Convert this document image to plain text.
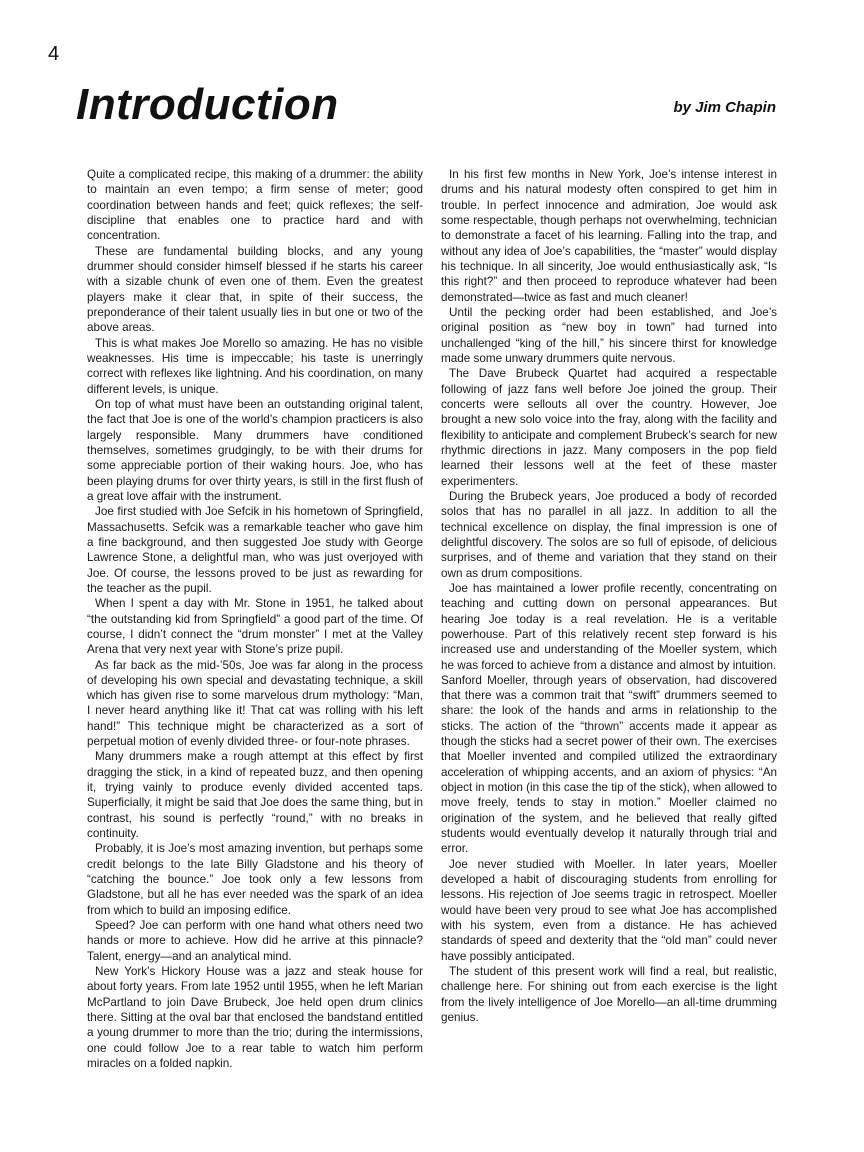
4
Introduction	by Jim Chapin

Quite a complicated recipe, this making of a drummer: the ability to maintain an even tempo; a firm sense of meter; good coordination between hands and feet; quick reflexes; the self-discipline that enables one to practice hard and with concentration.

These are fundamental building blocks, and any young drummer should consider himself blessed if he starts his career with a sizable chunk of even one of them. Even the greatest players make it clear that, in spite of their success, the preponderance of their talent usually lies in but one or two of the above areas.

This is what makes Joe Morello so amazing. He has no visible weaknesses. His time is impeccable; his taste is unerringly correct with reflexes like lightning. And his coordination, on many different levels, is unique.

On top of what must have been an outstanding original talent, the fact that Joe is one of the world’s champion practicers is also largely responsible. Many drummers have conditioned themselves, sometimes grudgingly, to be with their drums for some appreciable portion of their waking hours. Joe, who has been playing drums for over thirty years, is still in the first flush of a great love affair with the instrument.

Joe first studied with Joe Sefcik in his hometown of Springfield, Massachusetts. Sefcik was a remarkable teacher who gave him a fine background, and then suggested Joe study with George Lawrence Stone, a delightful man, who was just overjoyed with Joe. Of course, the lessons proved to be just as rewarding for the teacher as the pupil.

When I spent a day with Mr. Stone in 1951, he talked about “the outstanding kid from Springfield” a good part of the time. Of course, I didn’t connect the “drum monster” I met at the Valley Arena that very next year with Stone’s prize pupil.

As far back as the mid-’50s, Joe was far along in the process of developing his own special and devastating technique, a skill which has given rise to some marvelous drum mythology: “Man, I never heard anything like it! That cat was rolling with his left hand!” This technique might be characterized as a sort of perpetual motion of evenly divided three- or four-note phrases.

Many drummers make a rough attempt at this effect by first dragging the stick, in a kind of repeated buzz, and then opening it, trying vainly to produce evenly divided accented taps. Superficially, it might be said that Joe does the same thing, but in contrast, his sound is perfectly “round,” with no breaks in continuity.

Probably, it is Joe’s most amazing invention, but perhaps some credit belongs to the late Billy Gladstone and his theory of “catching the bounce.” Joe took only a few lessons from Gladstone, but all he has ever needed was the spark of an idea from which to build an imposing edifice.

Speed? Joe can perform with one hand what others need two hands or more to achieve. How did he arrive at this pinnacle? Talent, energy—and an analytical mind.

New York’s Hickory House was a jazz and steak house for about forty years. From late 1952 until 1955, when he left Marian McPartland to join Dave Brubeck, Joe held open drum clinics there. Sitting at the oval bar that enclosed the bandstand entitled a young drummer to more than the trio; during the intermissions, one could follow Joe to a rear table to watch him perform miracles on a folded napkin.

In his first few months in New York, Joe’s intense interest in drums and his natural modesty often conspired to get him in trouble. In perfect innocence and admiration, Joe would ask some respectable, though perhaps not overwhelming, technician to demonstrate a facet of his learning. Falling into the trap, and without any idea of Joe’s capabilities, the “master” would display his technique. In all sincerity, Joe would enthusiastically ask, “Is this right?” and then proceed to reproduce whatever had been demonstrated—twice as fast and much cleaner!

Until the pecking order had been established, and Joe’s original position as “new boy in town” had turned into unchallenged “king of the hill,” his sincere thirst for knowledge made some unwary drummers quite nervous.

The Dave Brubeck Quartet had acquired a respectable following of jazz fans well before Joe joined the group. Their concerts were sellouts all over the country. However, Joe brought a new solo voice into the fray, along with the facility and flexibility to anticipate and complement Brubeck’s search for new rhythmic directions in jazz. Many composers in the pop field learned their lessons well at the feet of these master experimenters.

During the Brubeck years, Joe produced a body of recorded solos that has no parallel in all jazz. In addition to all the technical excellence on display, the final impression is one of delightful discovery. The solos are so full of episode, of delicious surprises, and of theme and variation that they stand on their own as drum compositions.

Joe has maintained a lower profile recently, concentrating on teaching and cutting down on personal appearances. But hearing Joe today is a real revelation. He is a veritable powerhouse. Part of this relatively recent step forward is his increased use and understanding of the Moeller system, which he was forced to achieve from a distance and almost by intuition.

Sanford Moeller, through years of observation, had discovered that there was a common trait that “swift” drummers seemed to share: the look of the hands and arms in relationship to the sticks. The action of the “thrown” accents made it appear as though the sticks had a secret power of their own. The exercises that Moeller invented and compiled utilized the extraordinary acceleration of whipping accents, and an axiom of physics: “An object in motion (in this case the tip of the stick), when allowed to move freely, tends to stay in motion.” Moeller claimed no origination of the system, and he believed that really gifted students would eventually develop it naturally through trial and error.

Joe never studied with Moeller. In later years, Moeller developed a habit of discouraging students from enrolling for lessons. His rejection of Joe seems tragic in retrospect. Moeller would have been very proud to see what Joe has accomplished with his system, even from a distance. He has achieved standards of speed and dexterity that the “old man” could never have possibly anticipated.

The student of this present work will find a real, but realistic, challenge here. For shining out from each exercise is the light from the lively intelligence of Joe Morello—an all-time drumming genius.
